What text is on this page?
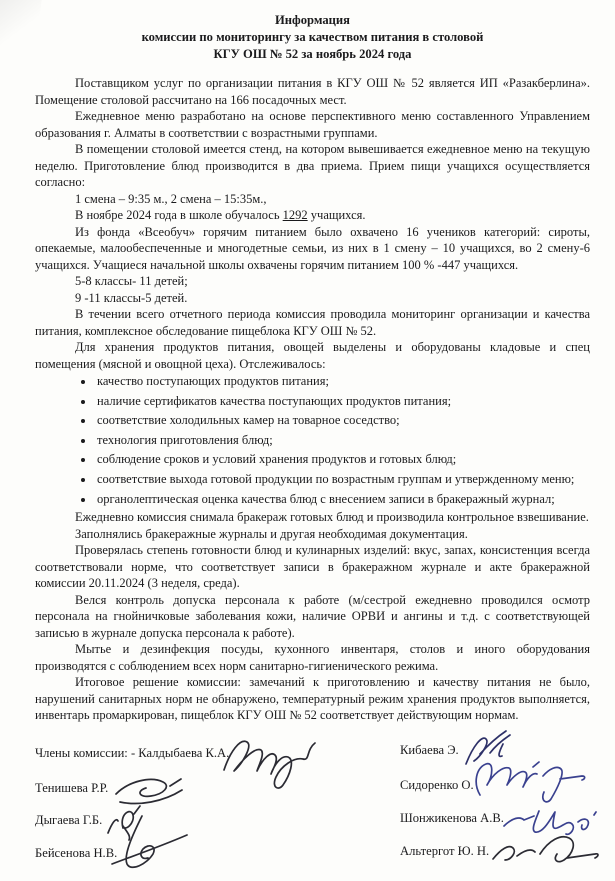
Информация
комиссии по мониторингу за качеством питания в столовой
КГУ ОШ № 52 за ноябрь 2024 года

Поставщиком услуг по организации питания в КГУ ОШ № 52 является ИП «Разакберлина». Помещение столовой рассчитано на 166 посадочных мест.

Ежедневное меню разработано на основе перспективного меню составленного Управлением образования г. Алматы в соответствии с возрастными группами.

В помещении столовой имеется стенд, на котором вывешивается ежедневное меню на текущую неделю. Приготовление блюд производится в два приема. Прием пищи учащихся осуществляется согласно:

1 смена – 9:35 м., 2 смена – 15:35м.,

В ноябре 2024 года в школе обучалось 1292 учащихся.

Из фонда «Всеобуч» горячим питанием было охвачено 16 учеников категорий: сироты, опекаемые, малообеспеченные и многодетные семьи, из них в 1 смену – 10 учащихся, во 2 смену-6 учащихся. Учащиеся начальной школы охвачены горячим питанием 100 % -447 учащихся.

5-8 классы- 11 детей;

9 -11 классы-5 детей.

В течении всего отчетного периода комиссия проводила мониторинг организации и качества питания, комплексное обследование пищеблока КГУ ОШ № 52.

Для хранения продуктов питания, овощей выделены и оборудованы кладовые и спец помещения (мясной и овощной цеха). Отслеживалось:

• качество поступающих продуктов питания;
• наличие сертификатов качества поступающих продуктов питания;
• соответствие холодильных камер на товарное соседство;
• технология приготовления блюд;
• соблюдение сроков и условий хранения продуктов и готовых блюд;
• соответствие выхода готовой продукции по возрастным группам и утвержденному меню;
• органолептическая оценка качества блюд с внесением записи в бракеражный журнал;

Ежедневно комиссия снимала бракераж готовых блюд и производила контрольное взвешивание.

Заполнялись бракеражные журналы и другая необходимая документация.

Проверялась степень готовности блюд и кулинарных изделий: вкус, запах, консистенция всегда соответствовали норме, что соответствует записи в бракеражном журнале и акте бракеражной комиссии 20.11.2024 (3 неделя, среда).

Велся контроль допуска персонала к работе (м/сестрой ежедневно проводился осмотр персонала на гнойничковые заболевания кожи, наличие ОРВИ и ангины и т.д. с соответствующей записью в журнале допуска персонала к работе).

Мытье и дезинфекция посуды, кухонного инвентаря, столов и иного оборудования производятся с соблюдением всех норм санитарно-гигиенического режима.

Итоговое решение комиссии: замечаний к приготовлению и качеству питания не было, нарушений санитарных норм не обнаружено, температурный режим хранения продуктов выполняется, инвентарь промаркирован, пищеблок КГУ ОШ № 52 соответствует действующим нормам.

Члены комиссии: - Калдыбаева К.А.
Тенишева Р.Р.
Дыгаева Г.Б.
Бейсенова Н.В.
Кибаева Э.
Сидоренко О.
Шонжикенова А.В.
Альтергот Ю. Н.
